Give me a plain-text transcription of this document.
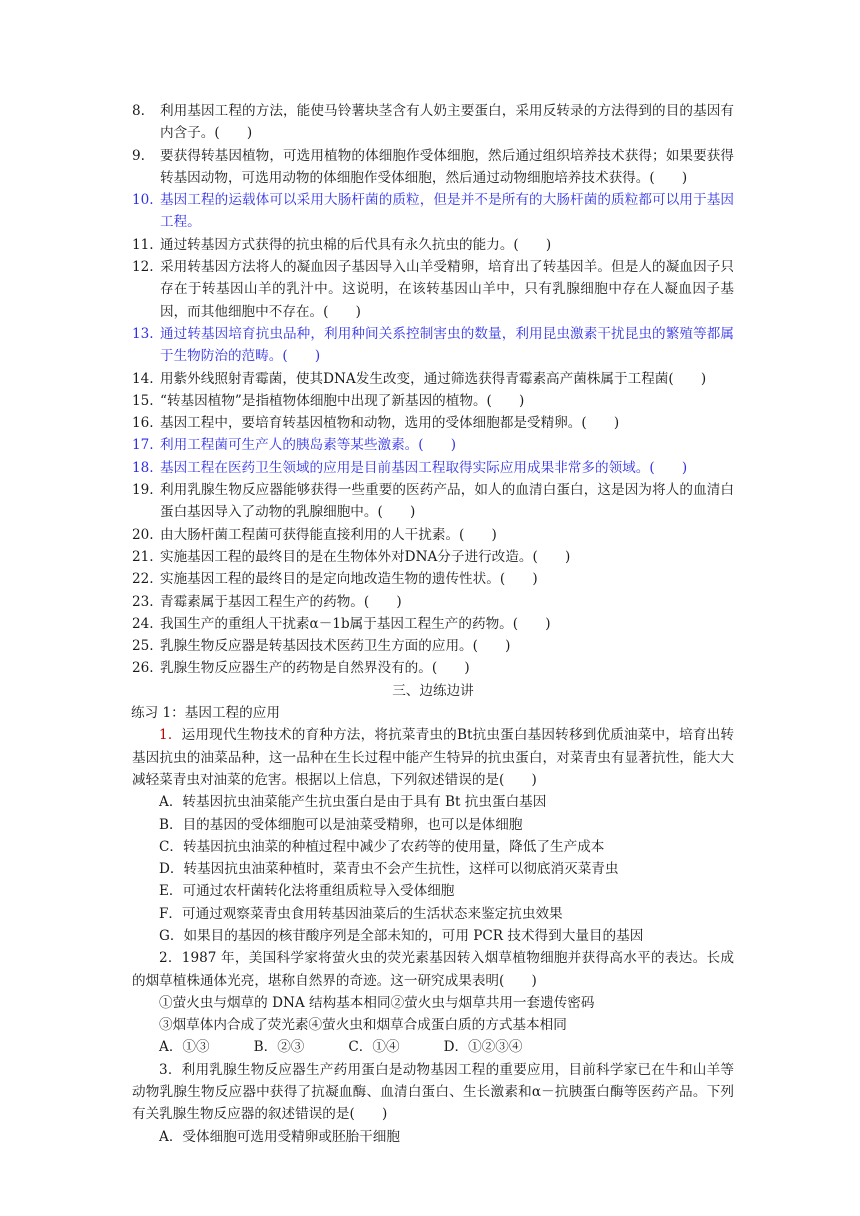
8.	利用基因工程的方法，能使马铃薯块茎含有人奶主要蛋白，采用反转录的方法得到的目的基因有内含子。(　　)
9.	要获得转基因植物，可选用植物的体细胞作受体细胞，然后通过组织培养技术获得；如果要获得转基因动物，可选用动物的体细胞作受体细胞，然后通过动物细胞培养技术获得。(　　)
10. 基因工程的运载体可以采用大肠杆菌的质粒，但是并不是所有的大肠杆菌的质粒都可以用于基因工程。
11. 通过转基因方式获得的抗虫棉的后代具有永久抗虫的能力。(　　)
12. 采用转基因方法将人的凝血因子基因导入山羊受精卵，培育出了转基因羊。但是人的凝血因子只存在于转基因山羊的乳汁中。这说明，在该转基因山羊中，只有乳腺细胞中存在人凝血因子基因，而其他细胞中不存在。(　　)
13. 通过转基因培育抗虫品种，利用种间关系控制害虫的数量，利用昆虫激素干扰昆虫的繁殖等都属于生物防治的范畴。(　　)
14. 用紫外线照射青霉菌，使其DNA发生改变，通过筛选获得青霉素高产菌株属于工程菌(　　)
15. “转基因植物”是指植物体细胞中出现了新基因的植物。(　　)
16. 基因工程中，要培育转基因植物和动物，选用的受体细胞都是受精卵。(　　)
17. 利用工程菌可生产人的胰岛素等某些激素。(　　)
18. 基因工程在医药卫生领域的应用是目前基因工程取得实际应用成果非常多的领域。(　　)
19. 利用乳腺生物反应器能够获得一些重要的医药产品，如人的血清白蛋白，这是因为将人的血清白蛋白基因导入了动物的乳腺细胞中。(　　)
20. 由大肠杆菌工程菌可获得能直接利用的人干扰素。(　　)
21. 实施基因工程的最终目的是在生物体外对DNA分子进行改造。(　　)
22. 实施基因工程的最终目的是定向地改造生物的遗传性状。(　　)
23. 青霉素属于基因工程生产的药物。(　　)
24. 我国生产的重组人干扰素α－1b属于基因工程生产的药物。(　　)
25. 乳腺生物反应器是转基因技术医药卫生方面的应用。(　　)
26. 乳腺生物反应器生产的药物是自然界没有的。(　　)
三、边练边讲
练习 1：基因工程的应用
1．运用现代生物技术的育种方法，将抗菜青虫的Bt抗虫蛋白基因转移到优质油菜中，培育出转基因抗虫的油菜品种，这一品种在生长过程中能产生特异的抗虫蛋白，对菜青虫有显著抗性，能大大减轻菜青虫对油菜的危害。根据以上信息，下列叙述错误的是(　　)
A．转基因抗虫油菜能产生抗虫蛋白是由于具有 Bt 抗虫蛋白基因
B．目的基因的受体细胞可以是油菜受精卵，也可以是体细胞
C．转基因抗虫油菜的种植过程中减少了农药等的使用量，降低了生产成本
D．转基因抗虫油菜种植时，菜青虫不会产生抗性，这样可以彻底消灭菜青虫
E．可通过农杆菌转化法将重组质粒导入受体细胞
F．可通过观察菜青虫食用转基因油菜后的生活状态来鉴定抗虫效果
G．如果目的基因的核苷酸序列是全部未知的，可用 PCR 技术得到大量目的基因
2．1987 年，美国科学家将萤火虫的荧光素基因转入烟草植物细胞并获得高水平的表达。长成的烟草植株通体光亮，堪称自然界的奇迹。这一研究成果表明(　　)
①萤火虫与烟草的 DNA 结构基本相同②萤火虫与烟草共用一套遗传密码
③烟草体内合成了荧光素④萤火虫和烟草合成蛋白质的方式基本相同
A．①③	B．②③	C．①④	D．①②③④
3．利用乳腺生物反应器生产药用蛋白是动物基因工程的重要应用，目前科学家已在牛和山羊等动物乳腺生物反应器中获得了抗凝血酶、血清白蛋白、生长激素和α－抗胰蛋白酶等医药产品。下列有关乳腺生物反应器的叙述错误的是(　　)
A．受体细胞可选用受精卵或胚胎干细胞
